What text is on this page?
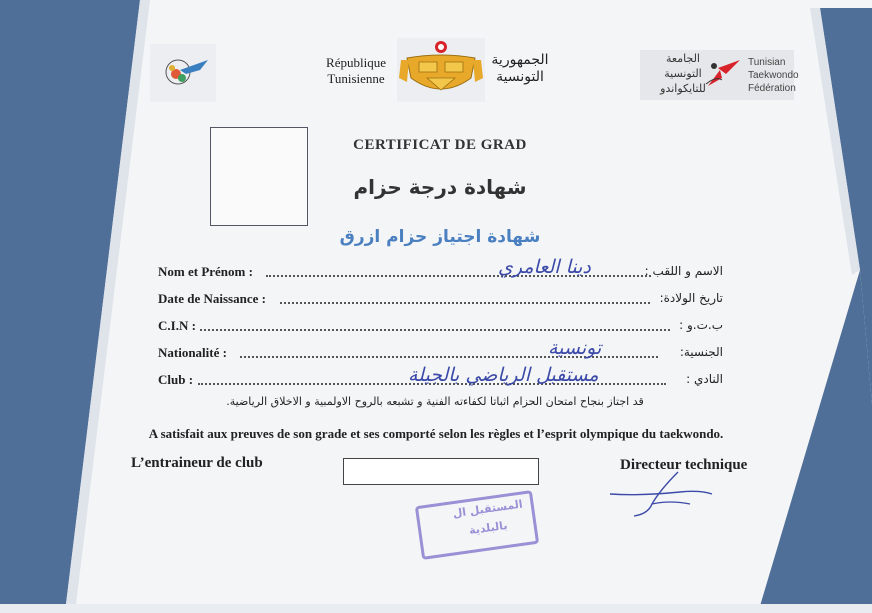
République
Tunisienne
الجمهورية
التونسية
الجامعة
التونسية
للتايكواندو
Tunisian
Taekwondo
Fédération
CERTIFICAT DE GRAD
شهادة درجة حزام
شهادة اجتياز حزام ازرق
Nom et Prénom :	دينا العامري	الاسم و اللقب :
Date de Naissance :	تاريخ الولادة:
C.I.N :	ب.ت.و :
Nationalité :	تونسية	الجنسية:
Club :	مستقبل الرياضي بالجيلة	النادي :
قد اجتاز بنجاح امتحان الحزام اثباتا لكفاءته الفنية و تشبعه بالروح الاولمبية و الاخلاق الرياضية.
A satisfait aux preuves de son grade et ses comporté selon les règles et l’esprit olympique du taekwondo.
L’entraineur de club	Directeur technique
المستقبل ال
بالبلدية
